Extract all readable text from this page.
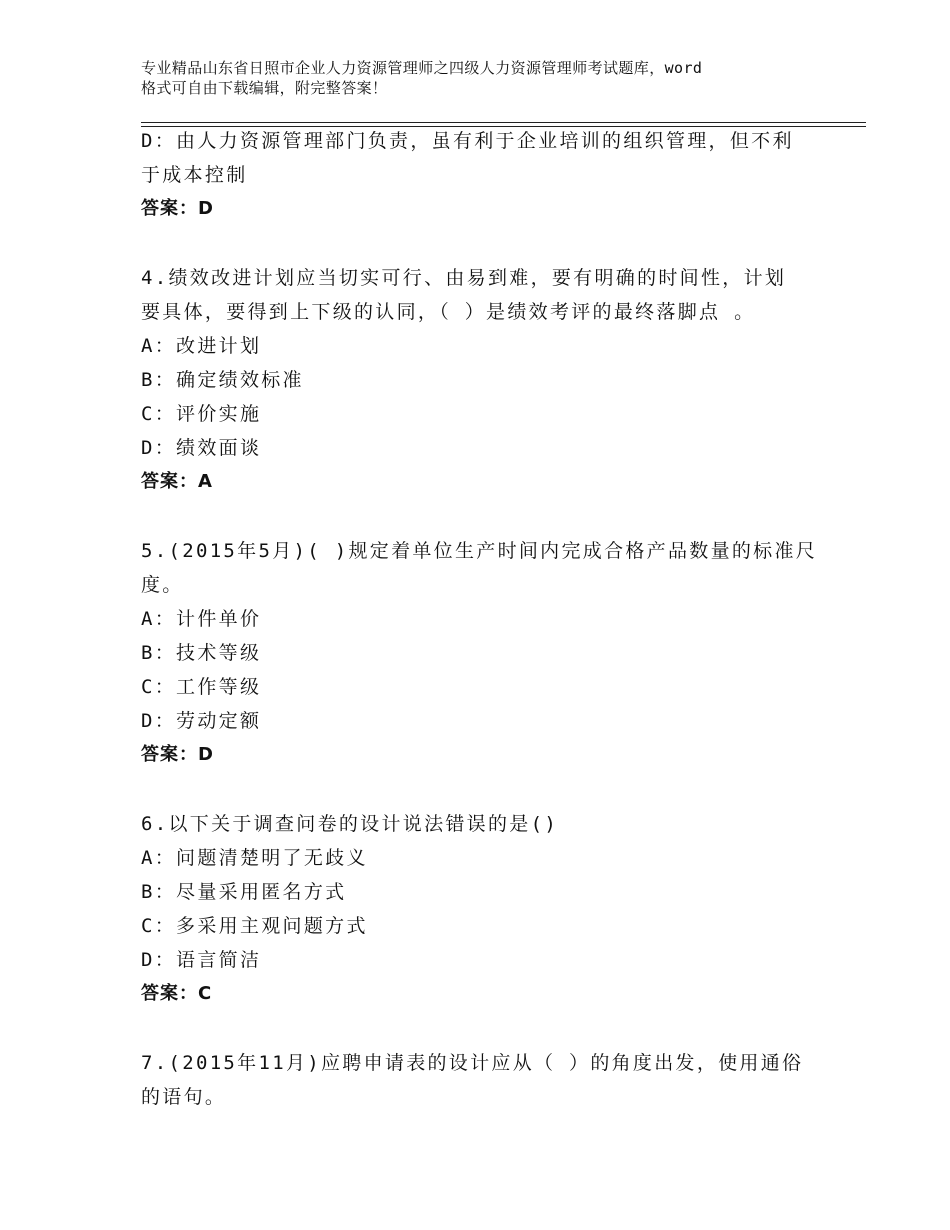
专业精品山东省日照市企业人力资源管理师之四级人力资源管理师考试题库，word
格式可自由下载编辑，附完整答案！
D：由人力资源管理部门负责，虽有利于企业培训的组织管理，但不利
于成本控制
答案：D
4.绩效改进计划应当切实可行、由易到难，要有明确的时间性，计划
要具体，要得到上下级的认同，（ ）是绩效考评的最终落脚点 。
A：改进计划
B：确定绩效标准
C：评价实施
D：绩效面谈
答案：A
5.(2015年5月)( )规定着单位生产时间内完成合格产品数量的标准尺
度。
A：计件单价
B：技术等级
C：工作等级
D：劳动定额
答案：D
6.以下关于调查问卷的设计说法错误的是()
A：问题清楚明了无歧义
B：尽量采用匿名方式
C：多采用主观问题方式
D：语言简洁
答案：C
7.(2015年11月)应聘申请表的设计应从（ ）的角度出发，使用通俗
的语句。
